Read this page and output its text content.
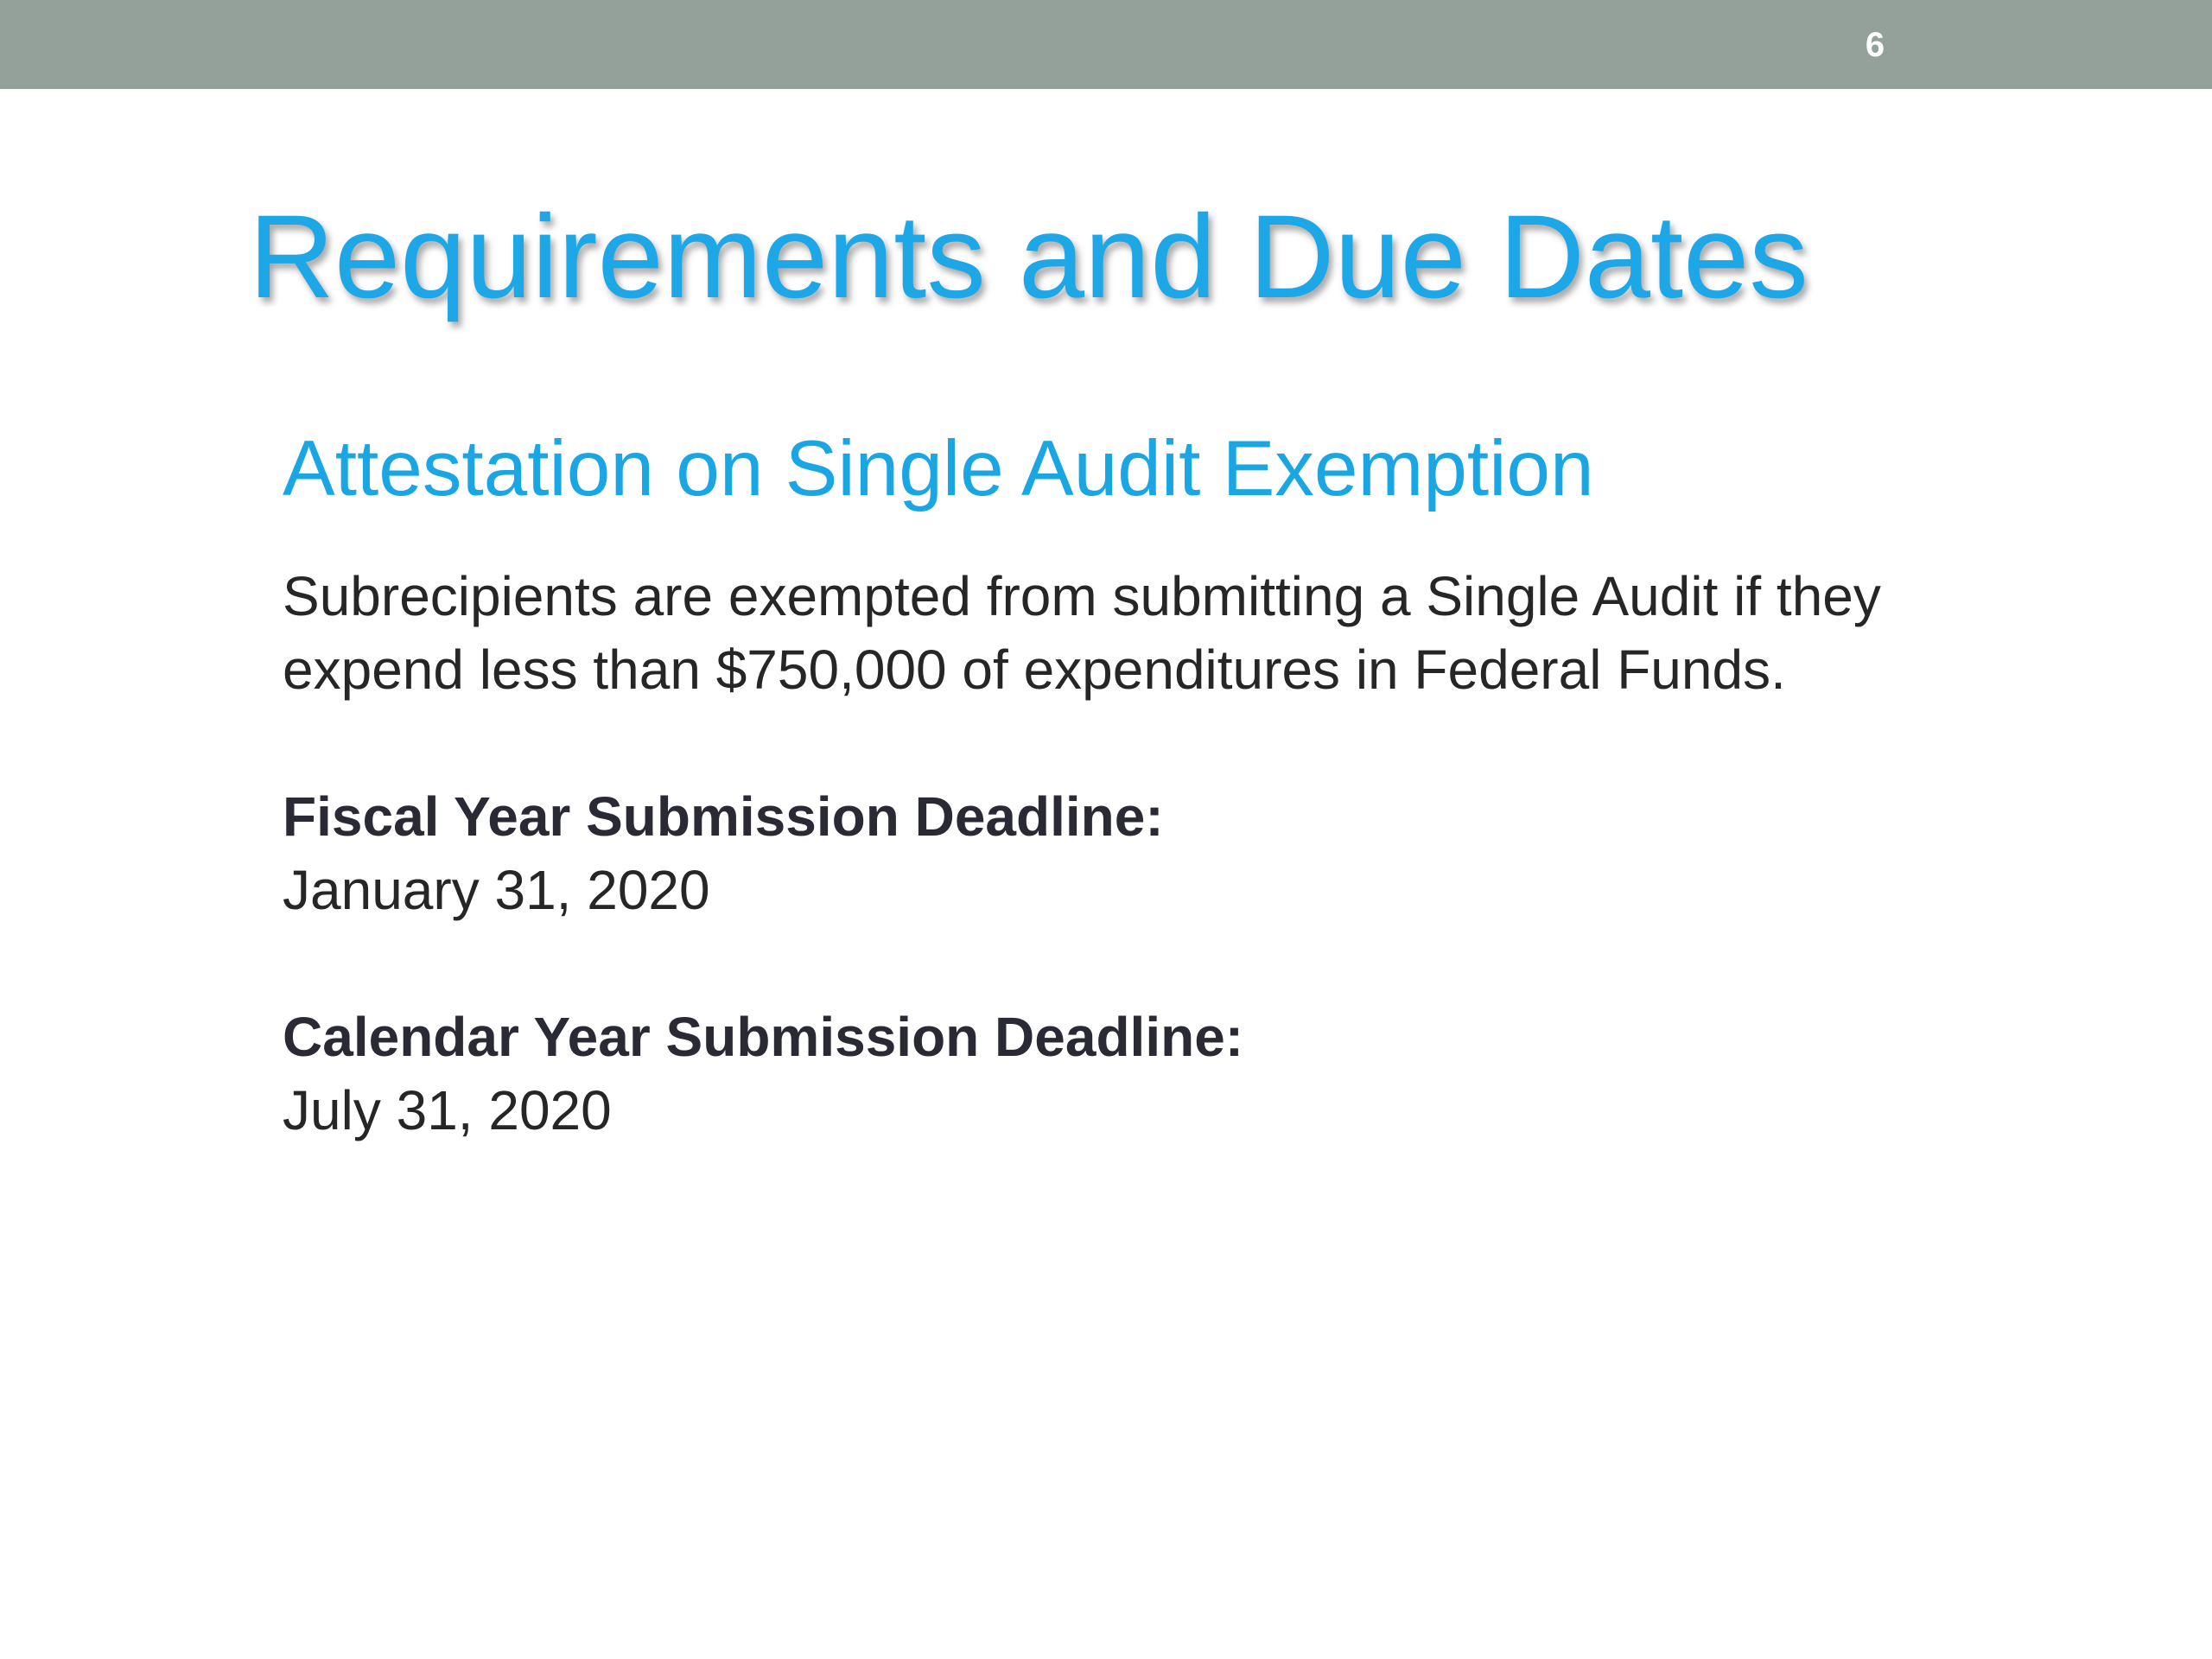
6
Requirements and Due Dates
Attestation on Single Audit Exemption

Subrecipients are exempted from submitting a Single Audit if they expend less than $750,000 of expenditures in Federal Funds.

Fiscal Year Submission Deadline:
January 31, 2020
Calendar Year Submission Deadline:
July 31, 2020
